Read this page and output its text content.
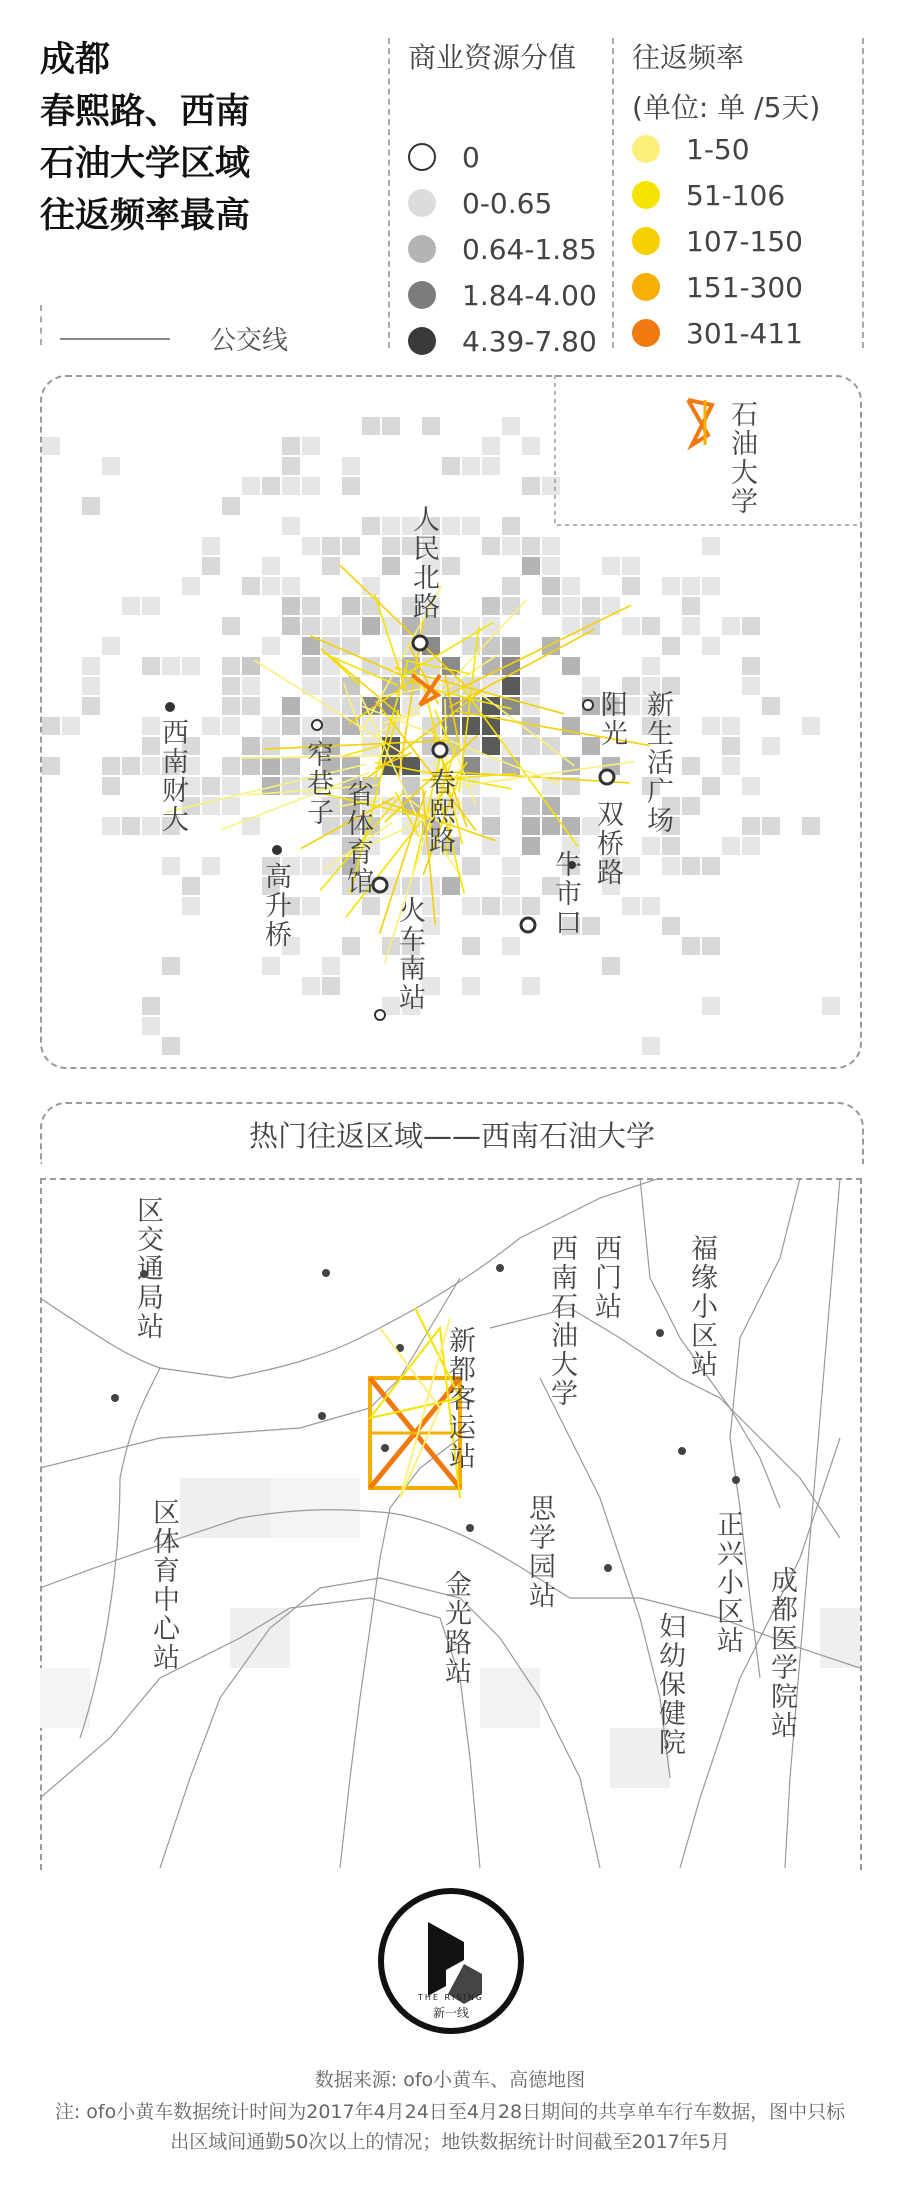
成都
春熙路、西南
石油大学区域
往返频率最高
公交线
商业资源分值
0
0-0.65
0.64-1.85
1.84-4.00
4.39-7.80
往返频率
(单位: 单 /5天)
1-50
51-106
107-150
151-300
301-411
石油大学
人民北路
西南财大	窄巷子 省体育馆
高升桥
春熙路
阳光 新生活广场
双桥路
牛市口
火车南站
热门往返区域——西南石油大学
区交通局站	西门站 福缘小区站
新都客运站	西南石油大学
区体育中心站	思学园站	正兴小区站 成都医学院站
金光路站	妇幼保健院
THE RISING
新一线
数据来源: ofo小黄车、高德地图
注: ofo小黄车数据统计时间为2017年4月24日至4月28日期间的共享单车行车数据，图中只标
出区域间通勤50次以上的情况；地铁数据统计时间截至2017年5月
